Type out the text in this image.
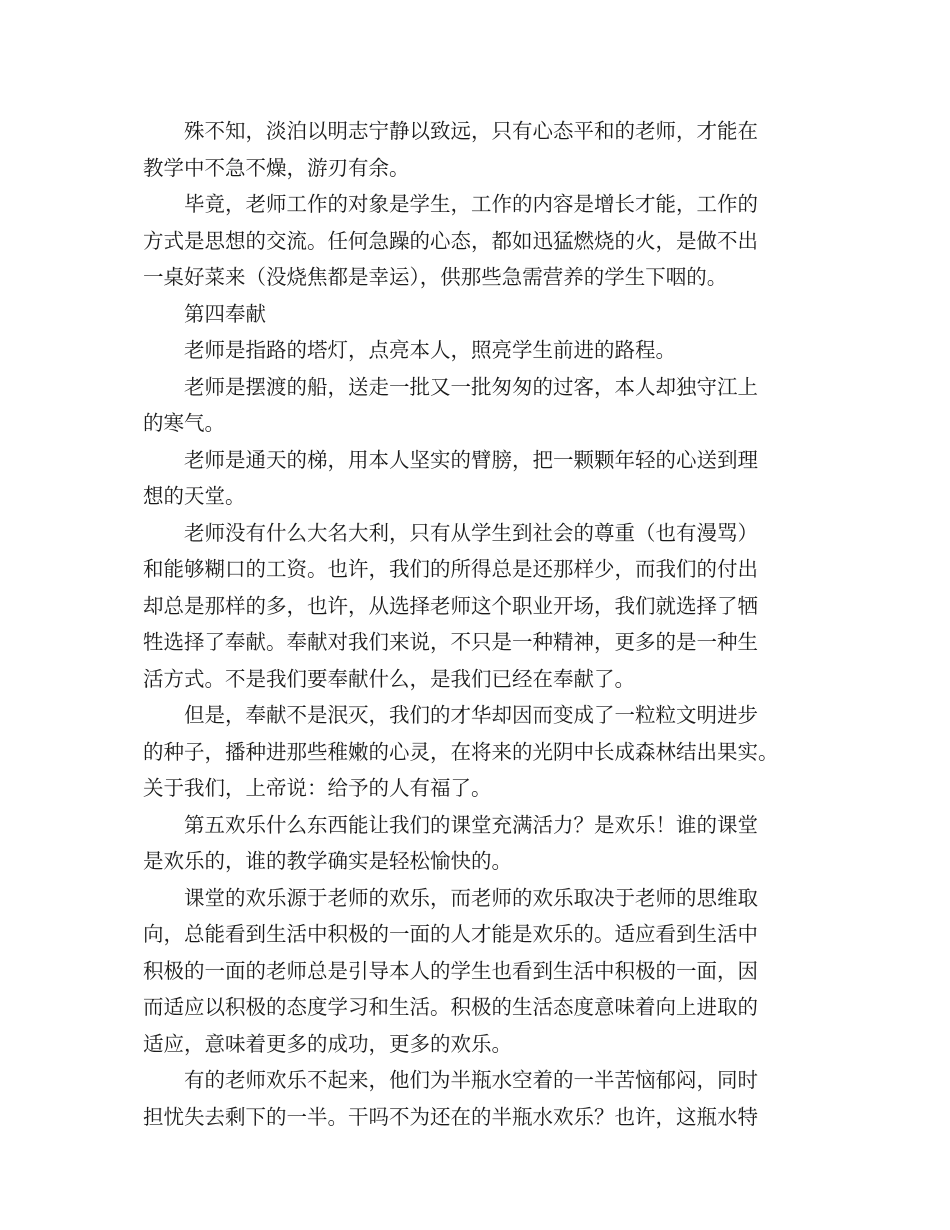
殊不知，淡泊以明志宁静以致远，只有心态平和的老师，才能在
教学中不急不燥，游刃有余。

毕竟，老师工作的对象是学生，工作的内容是增长才能，工作的
方式是思想的交流。任何急躁的心态，都如迅猛燃烧的火，是做不出
一桌好菜来（没烧焦都是幸运），供那些急需营养的学生下咽的。

第四奉献

老师是指路的塔灯，点亮本人，照亮学生前进的路程。

老师是摆渡的船，送走一批又一批匆匆的过客，本人却独守江上
的寒气。

老师是通天的梯，用本人坚实的臂膀，把一颗颗年轻的心送到理
想的天堂。

老师没有什么大名大利，只有从学生到社会的尊重（也有漫骂）
和能够糊口的工资。也许，我们的所得总是还那样少，而我们的付出
却总是那样的多，也许，从选择老师这个职业开场，我们就选择了牺
牲选择了奉献。奉献对我们来说，不只是一种精神，更多的是一种生
活方式。不是我们要奉献什么，是我们已经在奉献了。

但是，奉献不是泯灭，我们的才华却因而变成了一粒粒文明进步
的种子，播种进那些稚嫩的心灵，在将来的光阴中长成森林结出果实。
关于我们，上帝说：给予的人有福了。

第五欢乐什么东西能让我们的课堂充满活力？是欢乐！谁的课堂
是欢乐的，谁的教学确实是轻松愉快的。

课堂的欢乐源于老师的欢乐，而老师的欢乐取决于老师的思维取
向，总能看到生活中积极的一面的人才能是欢乐的。适应看到生活中
积极的一面的老师总是引导本人的学生也看到生活中积极的一面，因
而适应以积极的态度学习和生活。积极的生活态度意味着向上进取的
适应，意味着更多的成功，更多的欢乐。

有的老师欢乐不起来，他们为半瓶水空着的一半苦恼郁闷，同时
担忧失去剩下的一半。干吗不为还在的半瓶水欢乐？也许，这瓶水特
